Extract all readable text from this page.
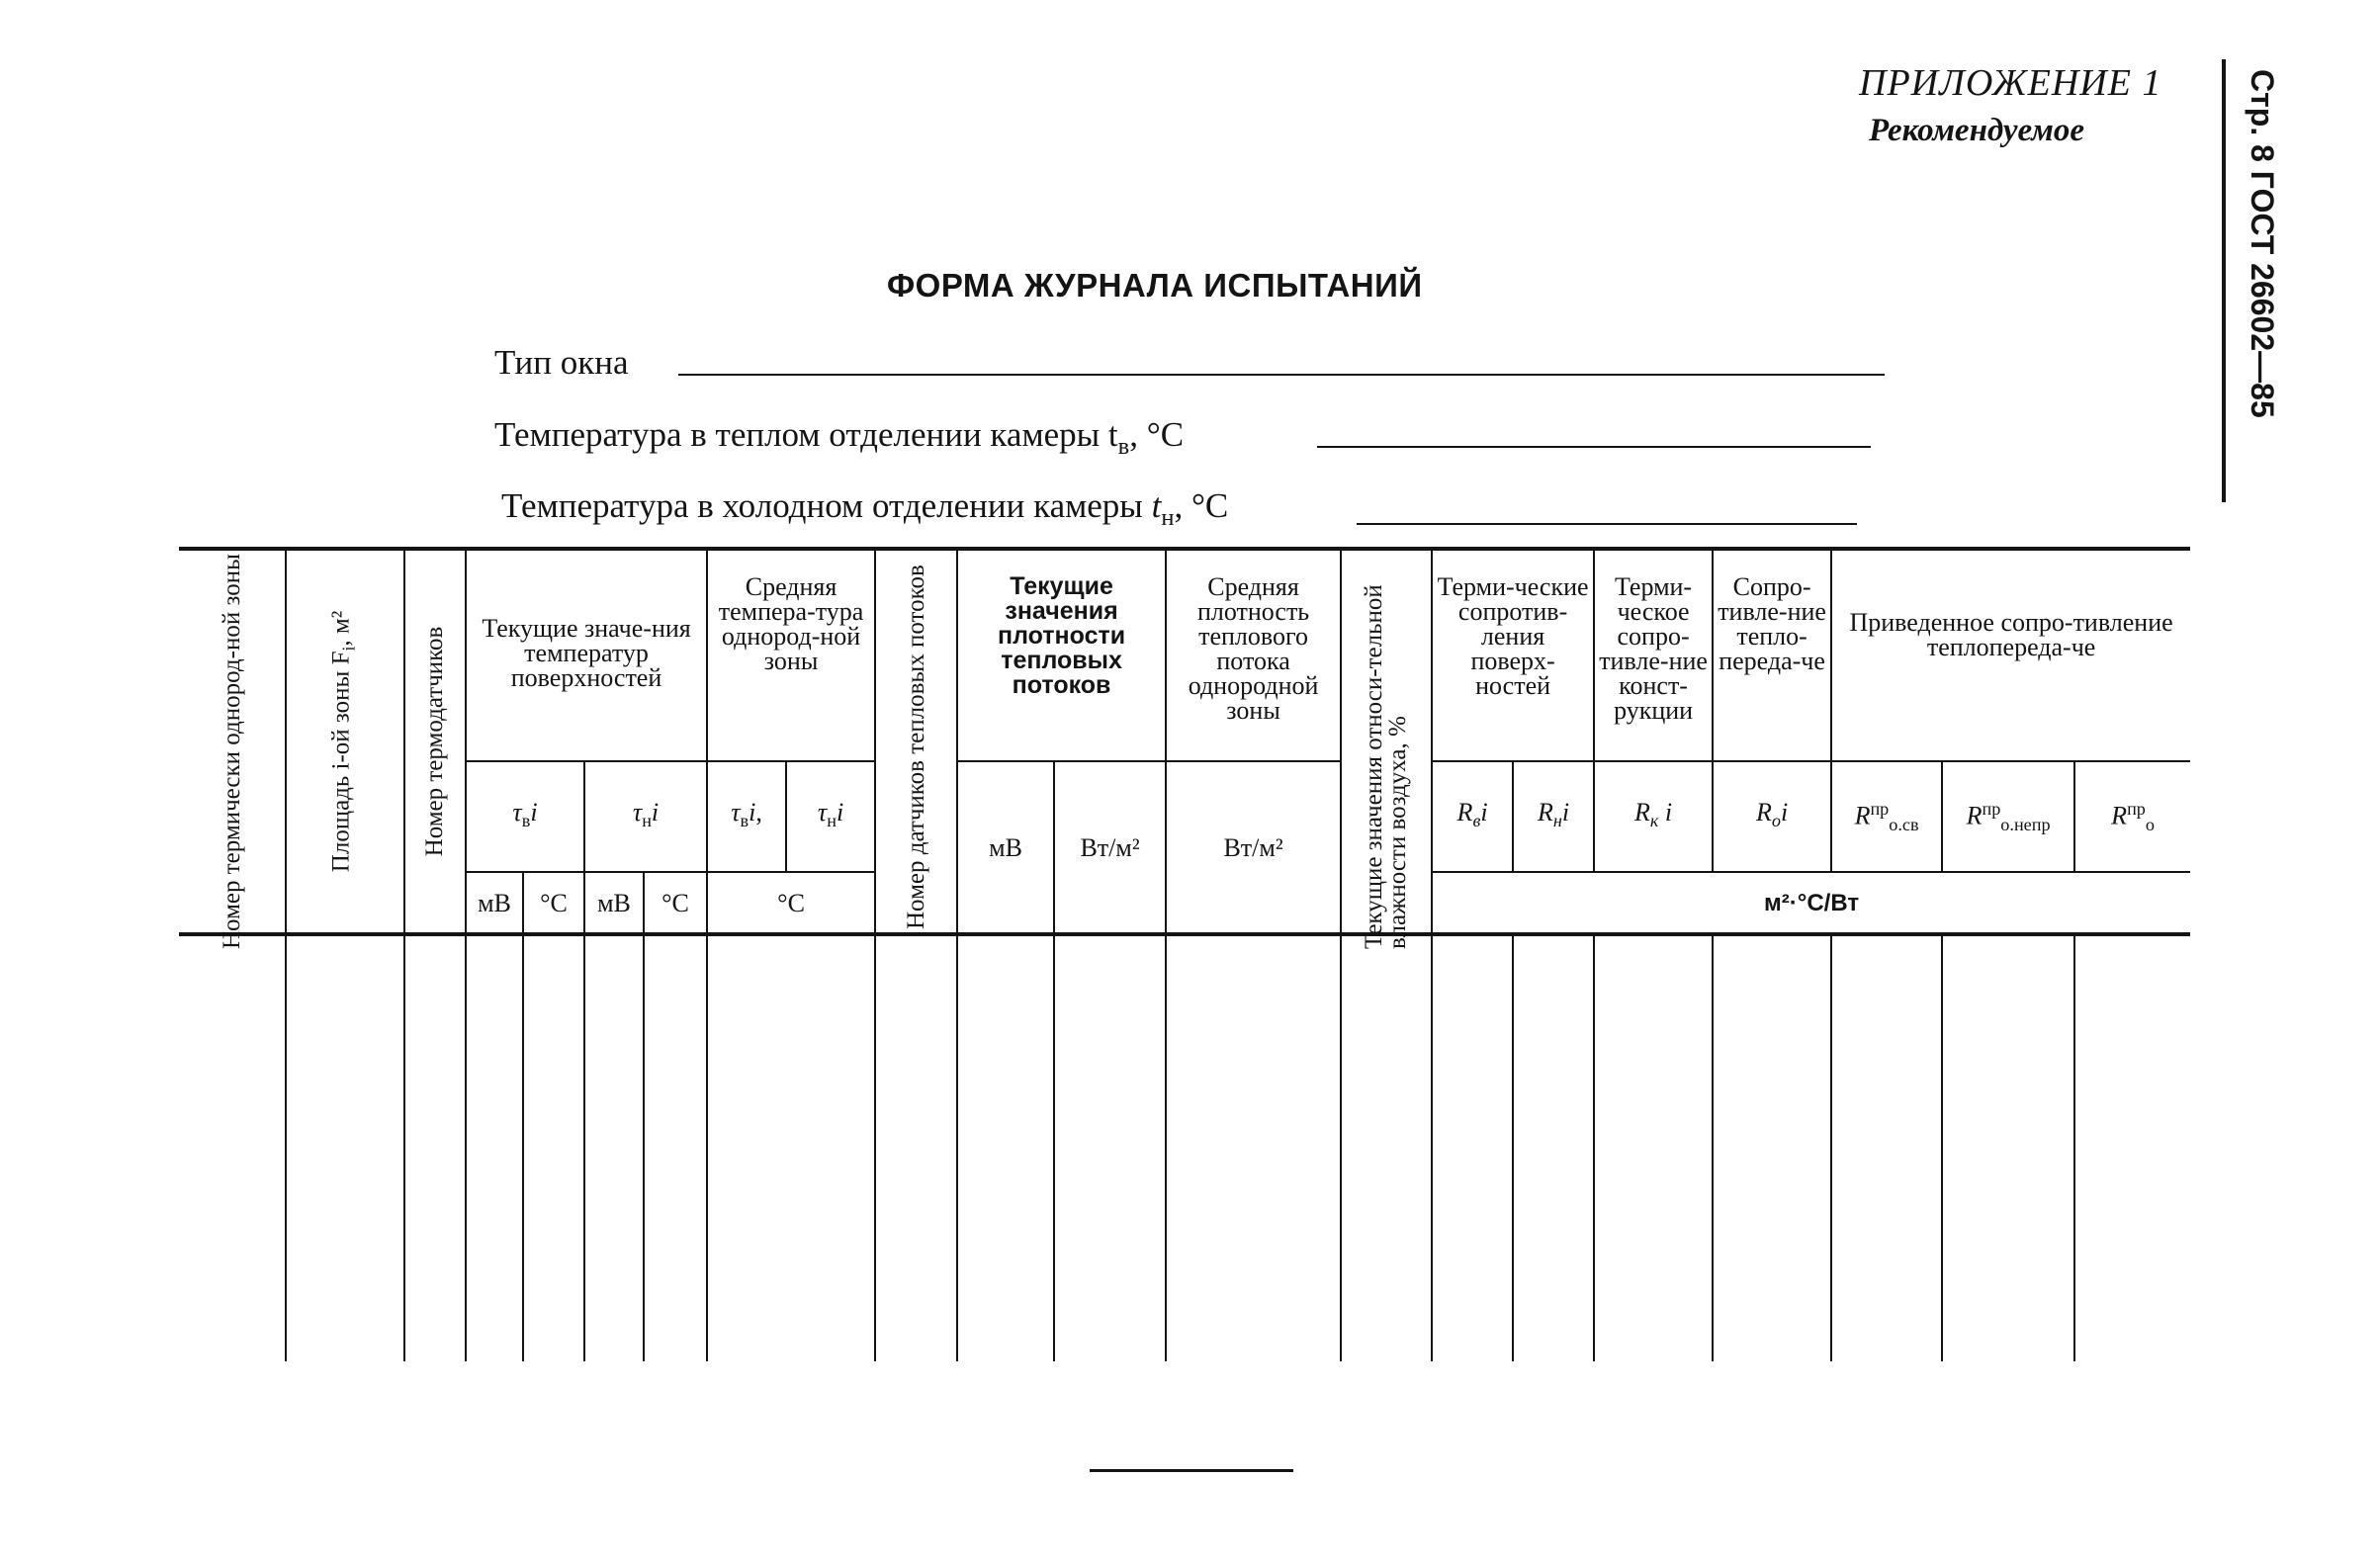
ПРИЛОЖЕНИЕ 1
Рекомендуемое	Стр. 8 ГОСТ 26602—85
ФОРМА ЖУРНАЛА ИСПЫТАНИЙ
Тип окна
Температура в теплом отделении камеры $t_в$, °C
Температура в холодном отделении камеры $t_н$, °C
Номер термически однород-ной зоны	Площадь i-ой зоны $F_i$, м²	Номер термодатчиков	Текущие значе-ния температур поверхностей				Средняя темпера-тура однород-ной зоны		Номер датчиков тепловых потоков	Текущие значения плотности тепловых потоков		Средняя плотность теплового потока однородной зоны	Текущие значения относи-тельной влажности воздуха, %	Терми-ческие сопротив-ления поверх-ностей		Терми-ческое сопро-тивле-ние конст-рукции	Сопро-тивле-ние тепло-переда-че	Приведенное сопро-тивление теплопереда-че		

			$\tau_вi$		$\tau_нi$		$\tau_вi$,	$\tau_нi$		мВ	Вт/м²	Вт/м²		$R_вi$	$R_нi$	$R_к$ i	$R_оi$	$R^{пр}_{о.св}$	$R^{пр}_{о.непр}$	$R^{пр}_о$
			мВ	°C	мВ	°C	°C							м²·°C/Вт						
